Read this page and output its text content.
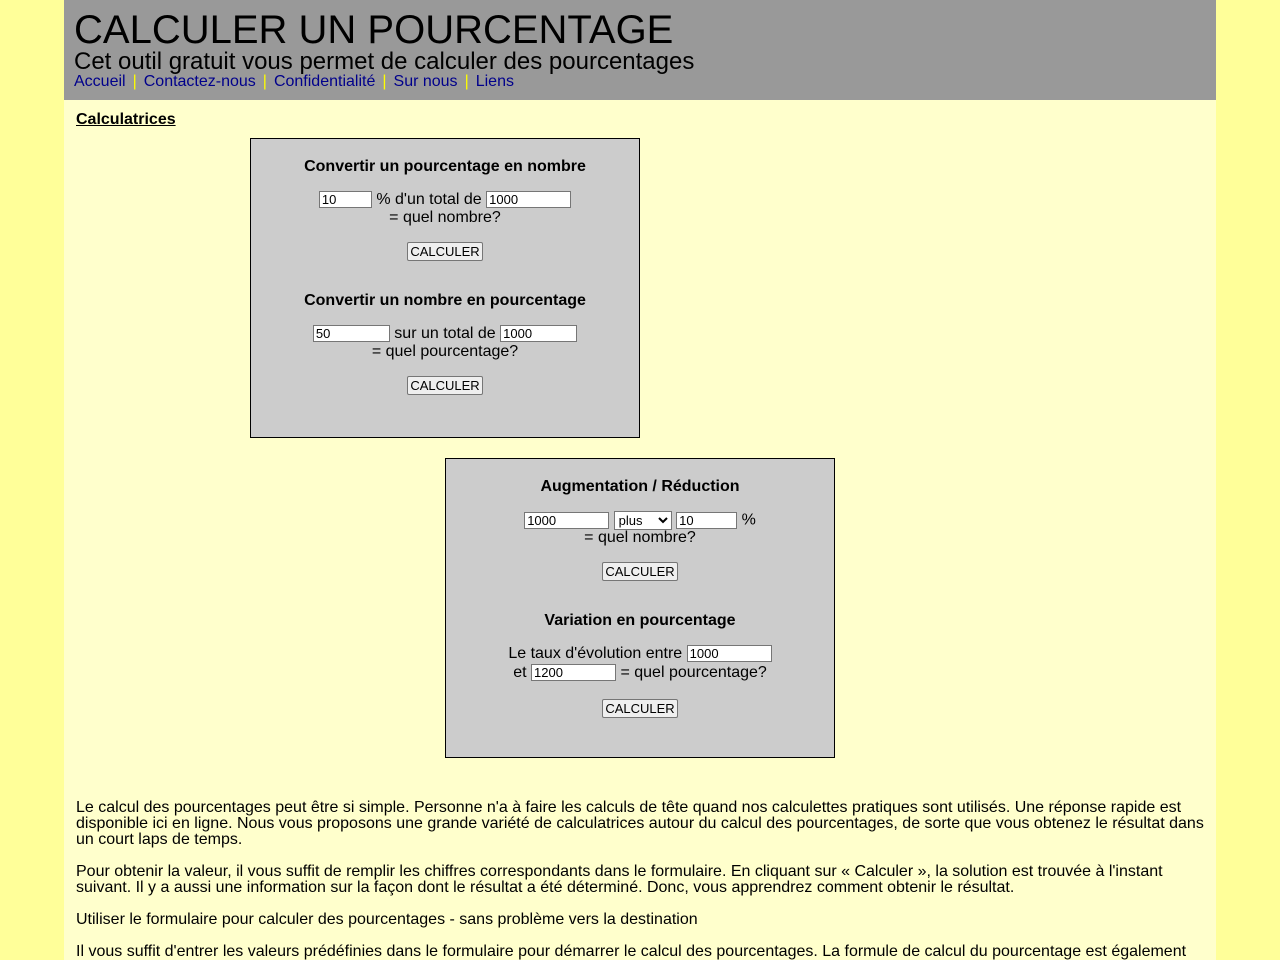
CALCULER UN POURCENTAGE
Cet outil gratuit vous permet de calculer des pourcentages
Accueil | Contactez-nous | Confidentialité | Sur nous | Liens
Calculatrices
Convertir un pourcentage en nombre
10 % d'un total de 1000
= quel nombre?
CALCULER
Convertir un nombre en pourcentage
50 sur un total de 1000
= quel pourcentage?
CALCULER
Augmentation / Réduction
1000
plus 10 %
= quel nombre?
CALCULER
Variation en pourcentage
Le taux d'évolution entre 1000
et 1200	= quel pourcentage?
CALCULER

Le calcul des pourcentages peut être si simple. Personne n'a à faire les calculs de tête quand nos calculettes pratiques sont utilisés. Une réponse rapide est disponible ici en ligne. Nous vous proposons une grande variété de calculatrices autour du calcul des pourcentages, de sorte que vous obtenez le résultat dans un court laps de temps.

Pour obtenir la valeur, il vous suffit de remplir les chiffres correspondants dans le formulaire. En cliquant sur « Calculer », la solution est trouvée à l'instant suivant. Il y a aussi une information sur la façon dont le résultat a été déterminé. Donc, vous apprendrez comment obtenir le résultat.

Utiliser le formulaire pour calculer des pourcentages - sans problème vers la destination

Il vous suffit d'entrer les valeurs prédéfinies dans le formulaire pour démarrer le calcul des pourcentages. La formule de calcul du pourcentage est également
